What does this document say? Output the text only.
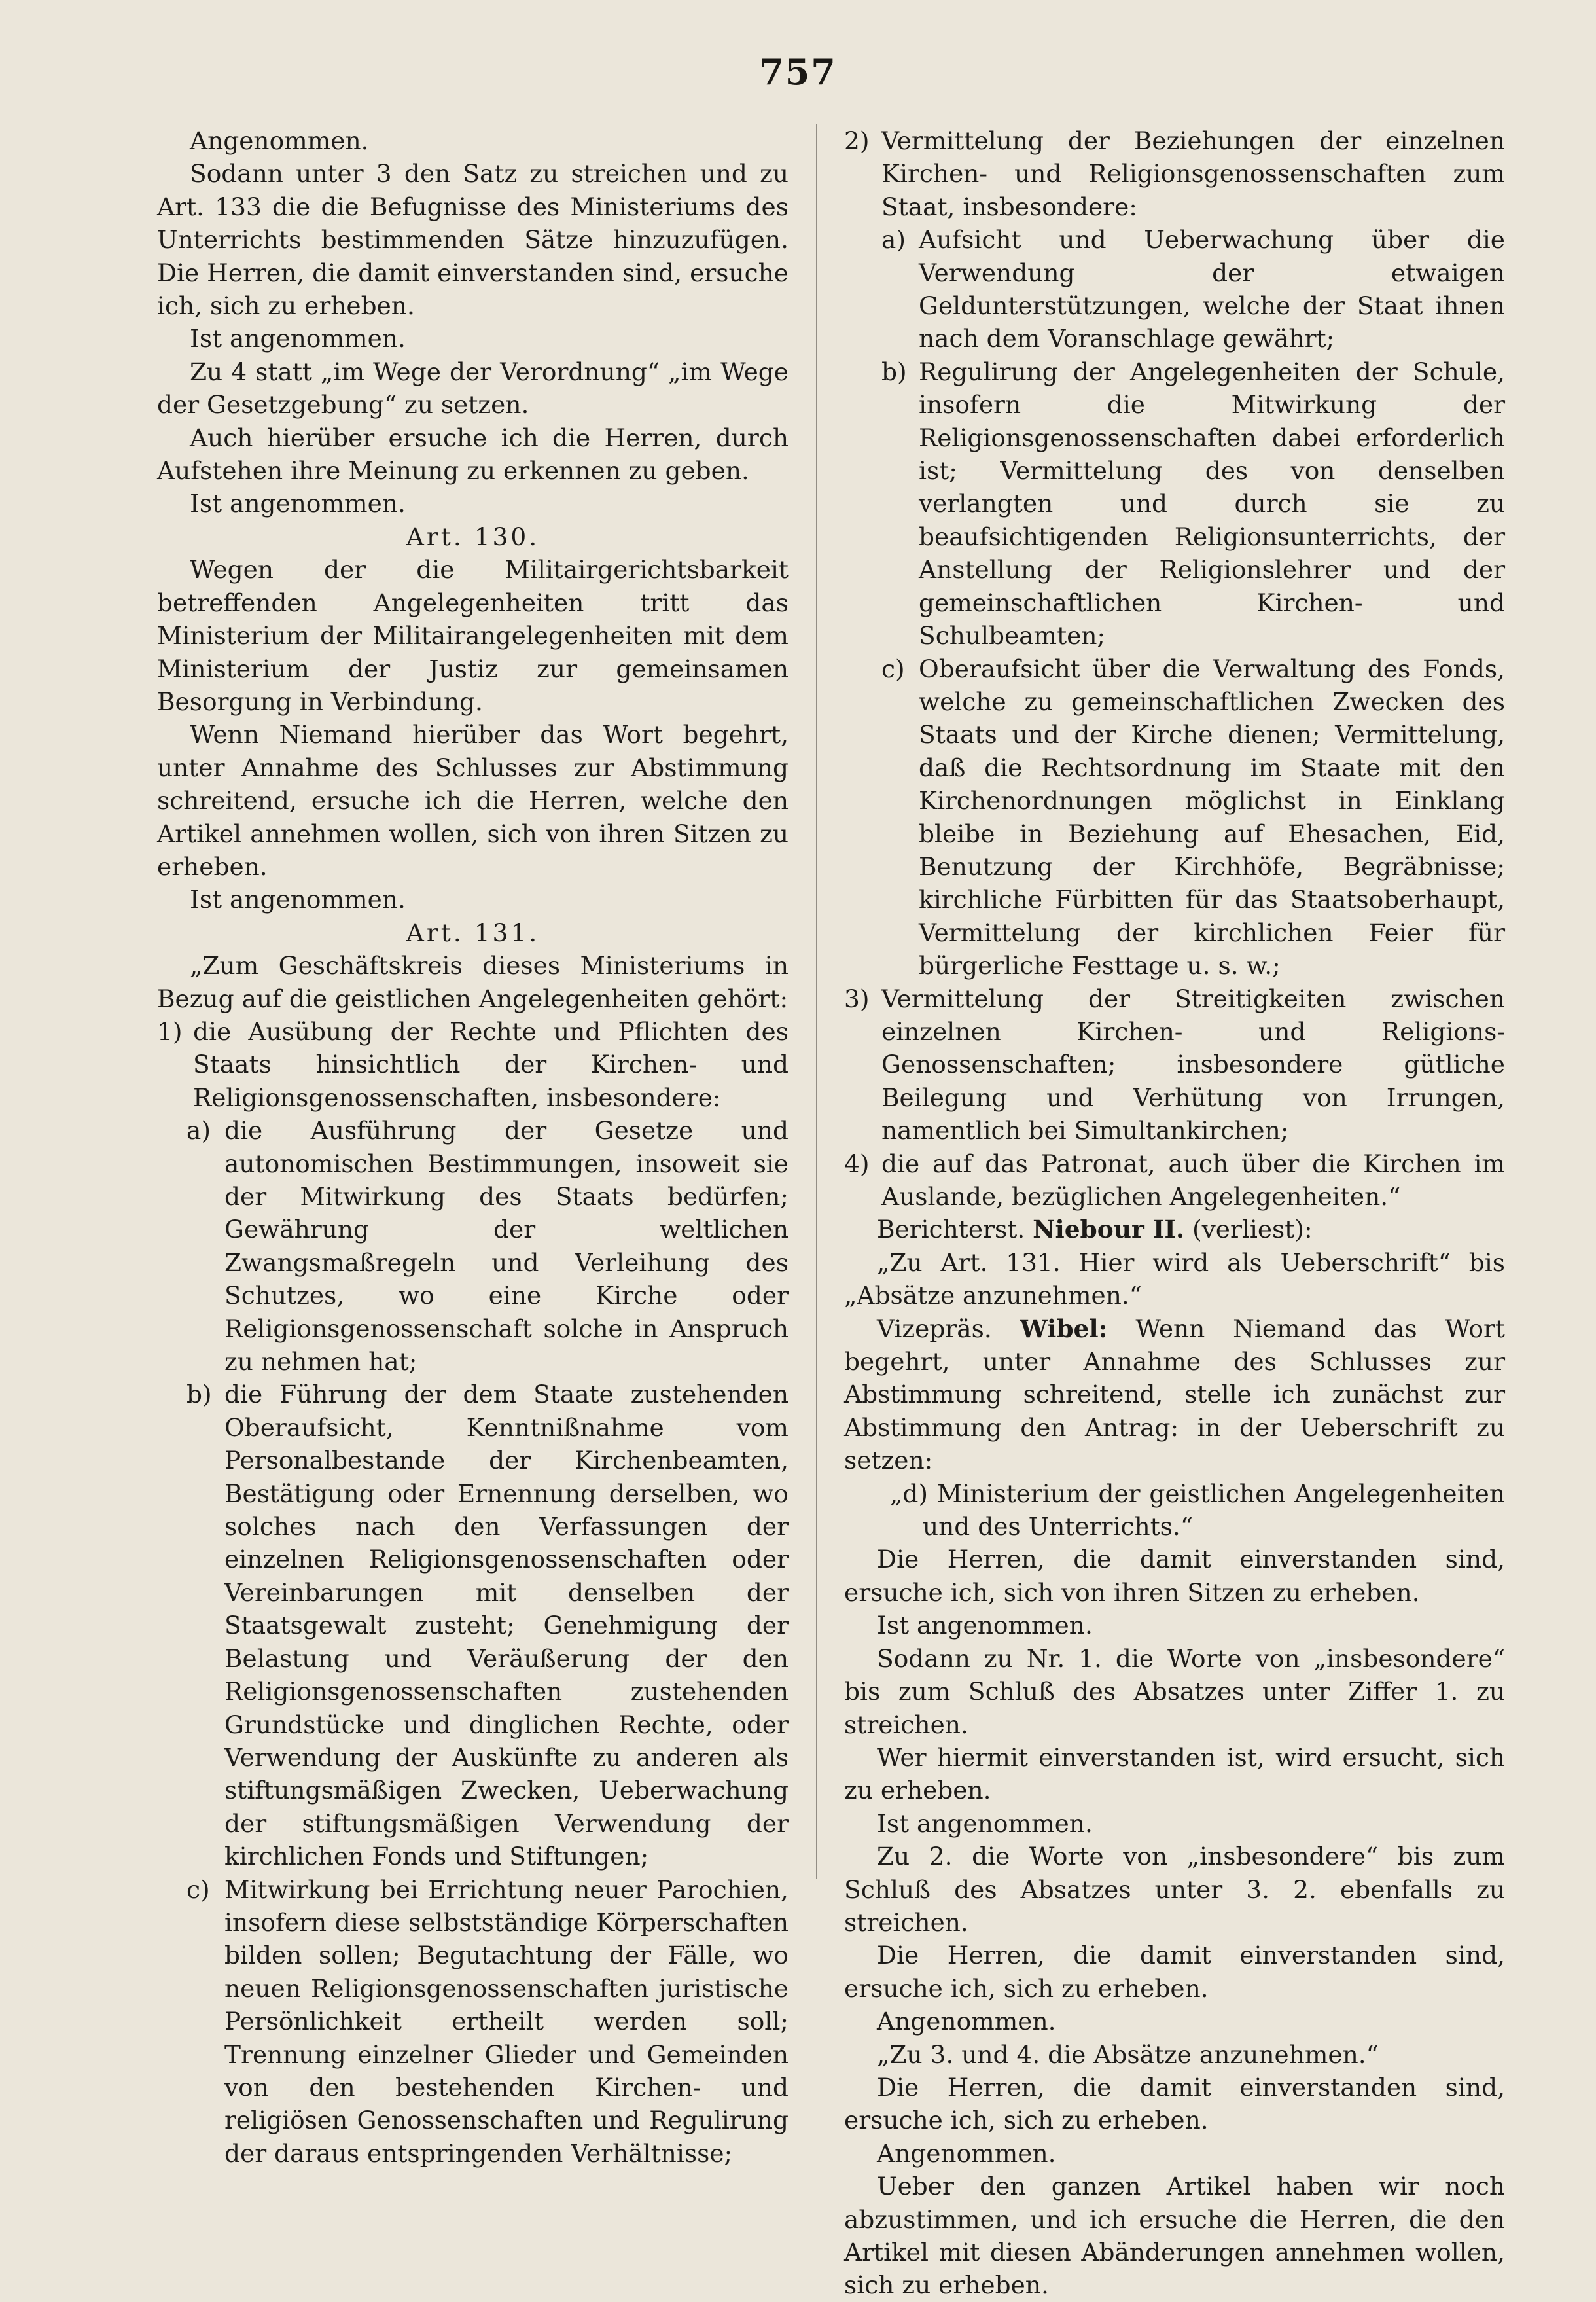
757

Angenommen.

Sodann unter 3 den Satz zu streichen und zu Art. 133 die die Befugnisse des Ministeriums des Unterrichts bestimmenden Sätze hinzuzufügen. Die Herren, die damit einverstanden sind, ersuche ich, sich zu erheben.

Ist angenommen.

Zu 4 statt „im Wege der Verordnung“ „im Wege der Gesetzgebung“ zu setzen.

Auch hierüber ersuche ich die Herren, durch Aufstehen ihre Meinung zu erkennen zu geben.

Ist angenommen.

Art. 130.

Wegen der die Militairgerichtsbarkeit betreffenden Angelegenheiten tritt das Ministerium der Militairangelegenheiten mit dem Ministerium der Justiz zur gemeinsamen Besorgung in Verbindung.

Wenn Niemand hierüber das Wort begehrt, unter Annahme des Schlusses zur Abstimmung schreitend, ersuche ich die Herren, welche den Artikel annehmen wollen, sich von ihren Sitzen zu erheben.

Ist angenommen.

Art. 131.

„Zum Geschäftskreis dieses Ministeriums in Bezug auf die geistlichen Angelegenheiten gehört:

1) die Ausübung der Rechte und Pflichten des Staats hinsichtlich der Kirchen- und Religionsgenossenschaften, insbesondere:
a) die Ausführung der Gesetze und autonomischen Bestimmungen, insoweit sie der Mitwirkung des Staats bedürfen; Gewährung der weltlichen Zwangsmaßregeln und Verleihung des Schutzes, wo eine Kirche oder Religionsgenossenschaft solche in Anspruch zu nehmen hat;
b) die Führung der dem Staate zustehenden Oberaufsicht, Kenntnißnahme vom Personalbestande der Kirchenbeamten, Bestätigung oder Ernennung derselben, wo solches nach den Verfassungen der einzelnen Religionsgenossenschaften oder Vereinbarungen mit denselben der Staatsgewalt zusteht; Genehmigung der Belastung und Veräußerung der den Religionsgenossenschaften zustehenden Grundstücke und dinglichen Rechte, oder Verwendung der Auskünfte zu anderen als stiftungsmäßigen Zwecken, Ueberwachung der stiftungsmäßigen Verwendung der kirchlichen Fonds und Stiftungen;
c) Mitwirkung bei Errichtung neuer Parochien, insofern diese selbstständige Körperschaften bilden sollen; Begutachtung der Fälle, wo neuen Religionsgenossenschaften juristische Persönlichkeit ertheilt werden soll; Trennung einzelner Glieder und Gemeinden von den bestehenden Kirchen- und religiösen Genossenschaften und Regulirung der daraus entspringenden Verhältnisse;
2) Vermittelung der Beziehungen der einzelnen Kirchen- und Religionsgenossenschaften zum Staat, insbesondere:
a) Aufsicht und Ueberwachung über die Verwendung der etwaigen Geldunterstützungen, welche der Staat ihnen nach dem Voranschlage gewährt;
b) Regulirung der Angelegenheiten der Schule, insofern die Mitwirkung der Religionsgenossenschaften dabei erforderlich ist; Vermittelung des von denselben verlangten und durch sie zu beaufsichtigenden Religionsunterrichts, der Anstellung der Religionslehrer und der gemeinschaftlichen Kirchen- und Schulbeamten;
c) Oberaufsicht über die Verwaltung des Fonds, welche zu gemeinschaftlichen Zwecken des Staats und der Kirche dienen; Vermittelung, daß die Rechtsordnung im Staate mit den Kirchenordnungen möglichst in Einklang bleibe in Beziehung auf Ehesachen, Eid, Benutzung der Kirchhöfe, Begräbnisse; kirchliche Fürbitten für das Staatsoberhaupt, Vermittelung der kirchlichen Feier für bürgerliche Festtage u. s. w.;
3) Vermittelung der Streitigkeiten zwischen einzelnen Kirchen- und Religions-Genossenschaften; insbesondere gütliche Beilegung und Verhütung von Irrungen, namentlich bei Simultankirchen;
4) die auf das Patronat, auch über die Kirchen im Auslande, bezüglichen Angelegenheiten.“

Berichterst. Niebour II. (verliest):

„Zu Art. 131. Hier wird als Ueberschrift“ bis „Absätze anzunehmen.“

Vizepräs. Wibel: Wenn Niemand das Wort begehrt, unter Annahme des Schlusses zur Abstimmung schreitend, stelle ich zunächst zur Abstimmung den Antrag: in der Ueberschrift zu setzen:

„d) Ministerium der geistlichen Angelegenheiten und des Unterrichts.“

Die Herren, die damit einverstanden sind, ersuche ich, sich von ihren Sitzen zu erheben.

Ist angenommen.

Sodann zu Nr. 1. die Worte von „insbesondere“ bis zum Schluß des Absatzes unter Ziffer 1. zu streichen.

Wer hiermit einverstanden ist, wird ersucht, sich zu erheben.

Ist angenommen.

Zu 2. die Worte von „insbesondere“ bis zum Schluß des Absatzes unter 3. 2. ebenfalls zu streichen.

Die Herren, die damit einverstanden sind, ersuche ich, sich zu erheben.

Angenommen.

„Zu 3. und 4. die Absätze anzunehmen.“

Die Herren, die damit einverstanden sind, ersuche ich, sich zu erheben.

Angenommen.

Ueber den ganzen Artikel haben wir noch abzustimmen, und ich ersuche die Herren, die den Artikel mit diesen Abänderungen annehmen wollen, sich zu erheben.
